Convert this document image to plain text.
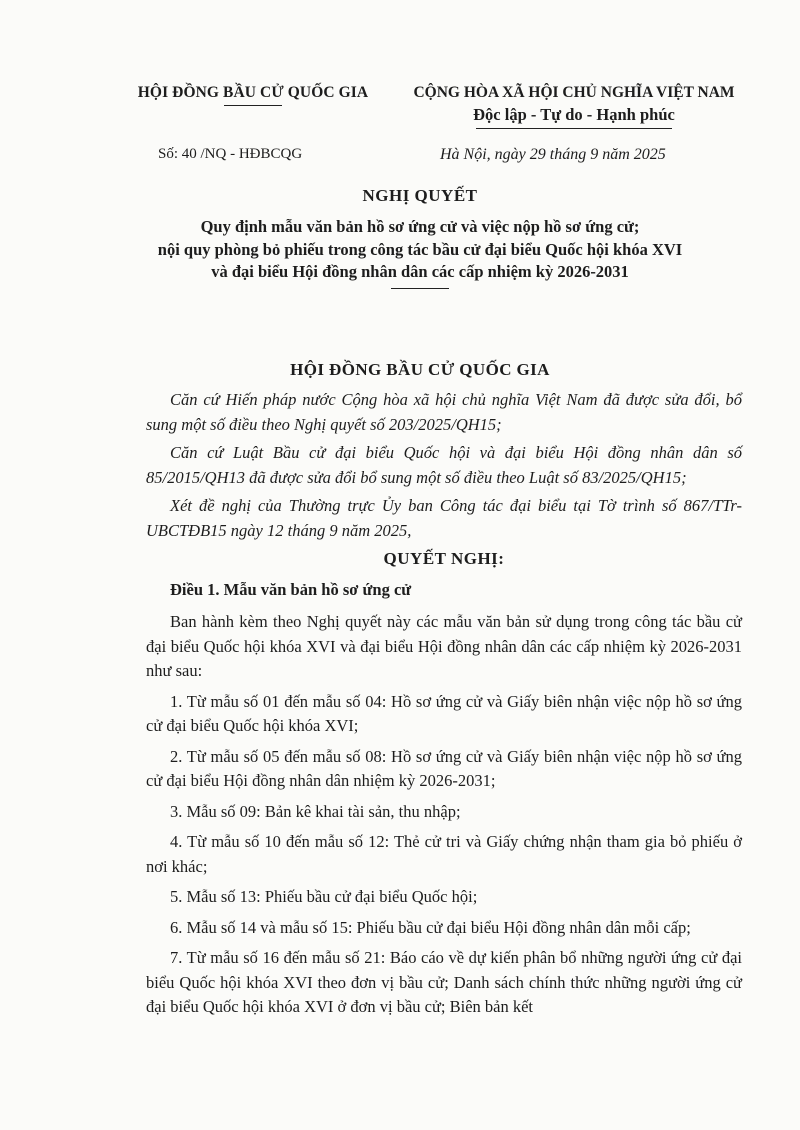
HỘI ĐỒNG BẦU CỬ QUỐC GIA	CỘNG HÒA XÃ HỘI CHỦ NGHĨA VIỆT NAM
Độc lập - Tự do - Hạnh phúc
Số: 40 /NQ - HĐBCQG	Hà Nội, ngày 29 tháng 9 năm 2025
NGHỊ QUYẾT
Quy định mẫu văn bản hồ sơ ứng cử và việc nộp hồ sơ ứng cử;
nội quy phòng bỏ phiếu trong công tác bầu cử đại biểu Quốc hội khóa XVI
và đại biểu Hội đồng nhân dân các cấp nhiệm kỳ 2026-2031
HỘI ĐỒNG BẦU CỬ QUỐC GIA

Căn cứ Hiến pháp nước Cộng hòa xã hội chủ nghĩa Việt Nam đã được sửa đổi, bổ sung một số điều theo Nghị quyết số 203/2025/QH15;

Căn cứ Luật Bầu cử đại biểu Quốc hội và đại biểu Hội đồng nhân dân số 85/2015/QH13 đã được sửa đổi bổ sung một số điều theo Luật số 83/2025/QH15;

Xét đề nghị của Thường trực Ủy ban Công tác đại biểu tại Tờ trình số 867/TTr-UBCTĐB15 ngày 12 tháng 9 năm 2025,

QUYẾT NGHỊ:

Điều 1. Mẫu văn bản hồ sơ ứng cử

Ban hành kèm theo Nghị quyết này các mẫu văn bản sử dụng trong công tác bầu cử đại biểu Quốc hội khóa XVI và đại biểu Hội đồng nhân dân các cấp nhiệm kỳ 2026-2031 như sau:

1. Từ mẫu số 01 đến mẫu số 04: Hồ sơ ứng cử và Giấy biên nhận việc nộp hồ sơ ứng cử đại biểu Quốc hội khóa XVI;

2. Từ mẫu số 05 đến mẫu số 08: Hồ sơ ứng cử và Giấy biên nhận việc nộp hồ sơ ứng cử đại biểu Hội đồng nhân dân nhiệm kỳ 2026-2031;

3. Mẫu số 09: Bản kê khai tài sản, thu nhập;

4. Từ mẫu số 10 đến mẫu số 12: Thẻ cử tri và Giấy chứng nhận tham gia bỏ phiếu ở nơi khác;

5. Mẫu số 13: Phiếu bầu cử đại biểu Quốc hội;

6. Mẫu số 14 và mẫu số 15: Phiếu bầu cử đại biểu Hội đồng nhân dân mỗi cấp;

7. Từ mẫu số 16 đến mẫu số 21: Báo cáo về dự kiến phân bổ những người ứng cử đại biểu Quốc hội khóa XVI theo đơn vị bầu cử; Danh sách chính thức những người ứng cử đại biểu Quốc hội khóa XVI ở đơn vị bầu cử; Biên bản kết
